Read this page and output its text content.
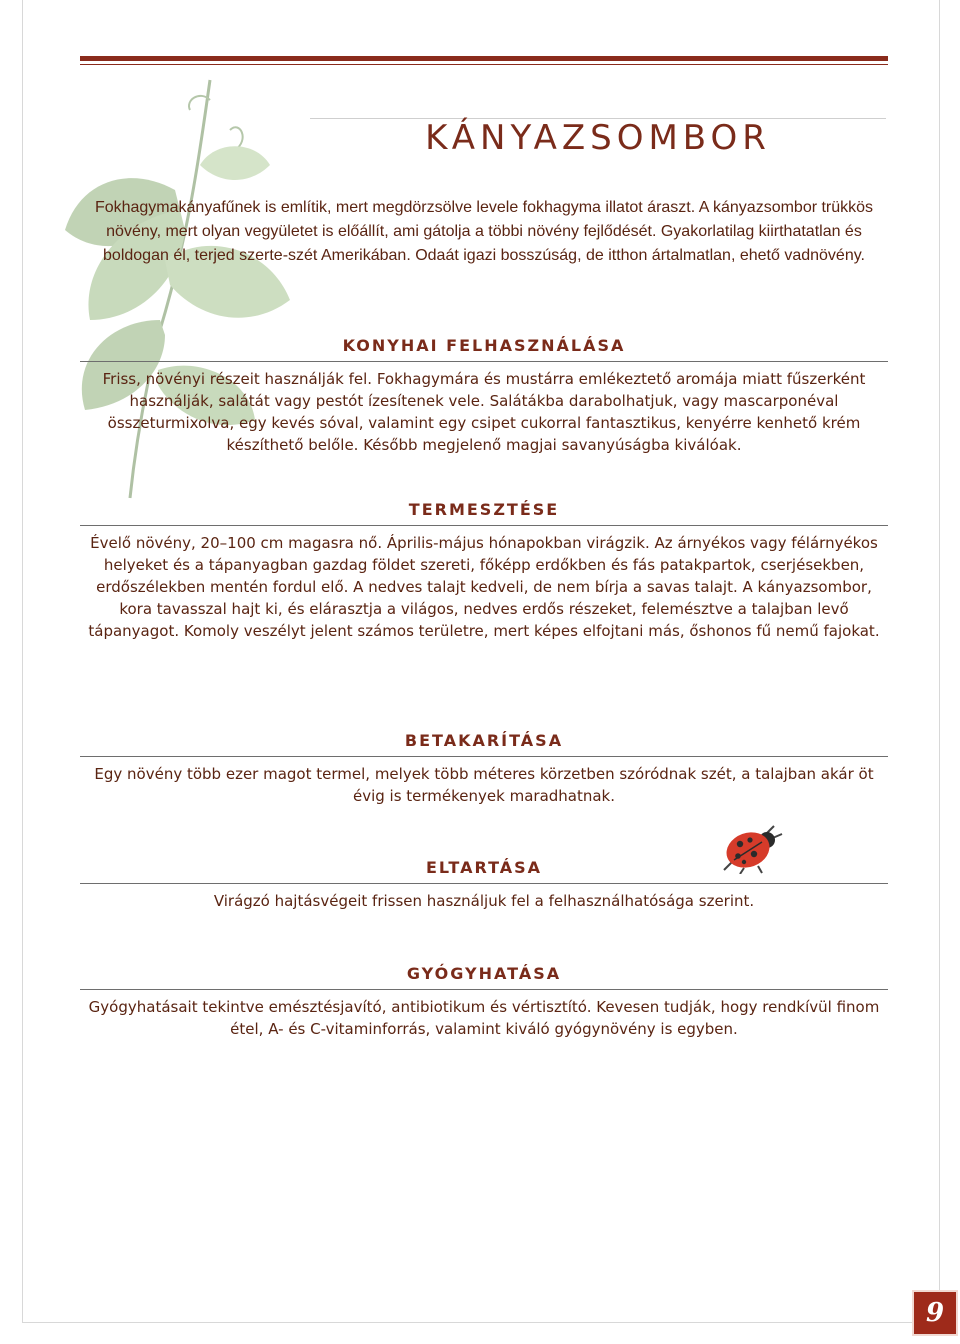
KÁNYAZSOMBOR

Fokhagymakányafűnek is említik, mert megdörzsölve levele fokhagyma illatot áraszt. A kányazsombor trükkös növény, mert olyan vegyületet is előállít, ami gátolja a többi növény fejlődését. Gyakorlatilag kiirthatatlan és boldogan él, terjed szerte-szét Amerikában. Odaát igazi bosszúság, de itthon ártalmatlan, ehető vadnövény.

KONYHAI FELHASZNÁLÁSA

Friss, növényi részeit használják fel. Fokhagymára és mustárra emlékeztető aromája miatt fűszerként használják, salátát vagy pestót ízesítenek vele. Salátákba darabolhatjuk, vagy mascarponéval összeturmixolva, egy kevés sóval, valamint egy csipet cukorral fantasztikus, kenyérre kenhető krém készíthető belőle. Később megjelenő magjai savanyúságba kiválóak.

TERMESZTÉSE

Évelő növény, 20–100 cm magasra nő. Április-május hónapokban virágzik. Az árnyékos vagy félárnyékos helyeket és a tápanyagban gazdag földet szereti, főképp erdőkben és fás patakpartok, cserjésekben, erdőszélekben mentén fordul elő. A nedves talajt kedveli, de nem bírja a savas talajt. A kányazsombor, kora tavasszal hajt ki, és elárasztja a világos, nedves erdős részeket, felemésztve a talajban levő tápanyagot. Komoly veszélyt jelent számos területre, mert képes elfojtani más, őshonos fű nemű fajokat.

BETAKARÍTÁSA

Egy növény több ezer magot termel, melyek több méteres körzetben szóródnak szét, a talajban akár öt évig is termékenyek maradhatnak.

ELTARTÁSA

Virágzó hajtásvégeit frissen használjuk fel a felhasználhatósága szerint.

GYÓGYHATÁSA

Gyógyhatásait tekintve emésztésjavító, antibiotikum és vértisztító. Kevesen tudják, hogy rendkívül finom étel, A- és C-vitaminforrás, valamint kiváló gyógynövény is egyben.

9
